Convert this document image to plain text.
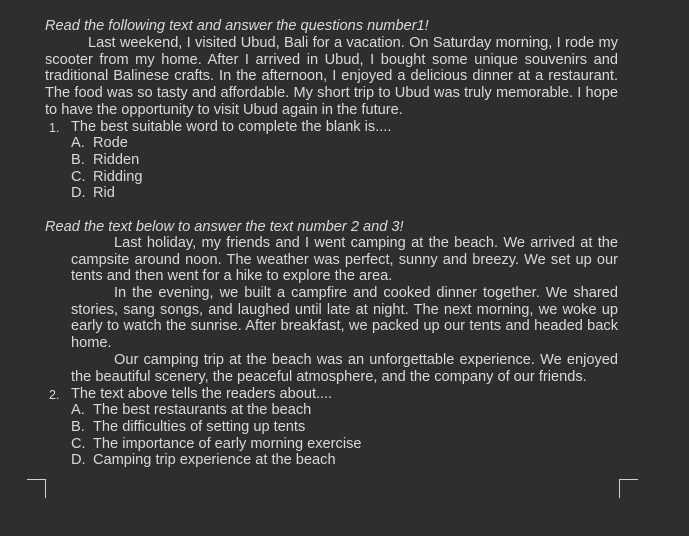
Read the following text and answer the questions number1!

Last weekend, I visited Ubud, Bali for a vacation. On Saturday morning, I rode my scooter from my home. After I arrived in Ubud, I bought some unique souvenirs and traditional Balinese crafts. In the afternoon, I enjoyed a delicious dinner at a restaurant. The food was so tasty and affordable. My short trip to Ubud was truly memorable. I hope to have the opportunity to visit Ubud again in the future.

1. The best suitable word to complete the blank is....
A. Rode
B. Ridden
C. Ridding
D. Rid
Read the text below to answer the text number 2 and 3!

Last holiday, my friends and I went camping at the beach. We arrived at the campsite around noon. The weather was perfect, sunny and breezy. We set up our tents and then went for a hike to explore the area.

In the evening, we built a campfire and cooked dinner together. We shared stories, sang songs, and laughed until late at night. The next morning, we woke up early to watch the sunrise. After breakfast, we packed up our tents and headed back home.

Our camping trip at the beach was an unforgettable experience. We enjoyed the beautiful scenery, the peaceful atmosphere, and the company of our friends.

2. The text above tells the readers about....
A. The best restaurants at the beach
B. The difficulties of setting up tents
C. The importance of early morning exercise
D. Camping trip experience at the beach
